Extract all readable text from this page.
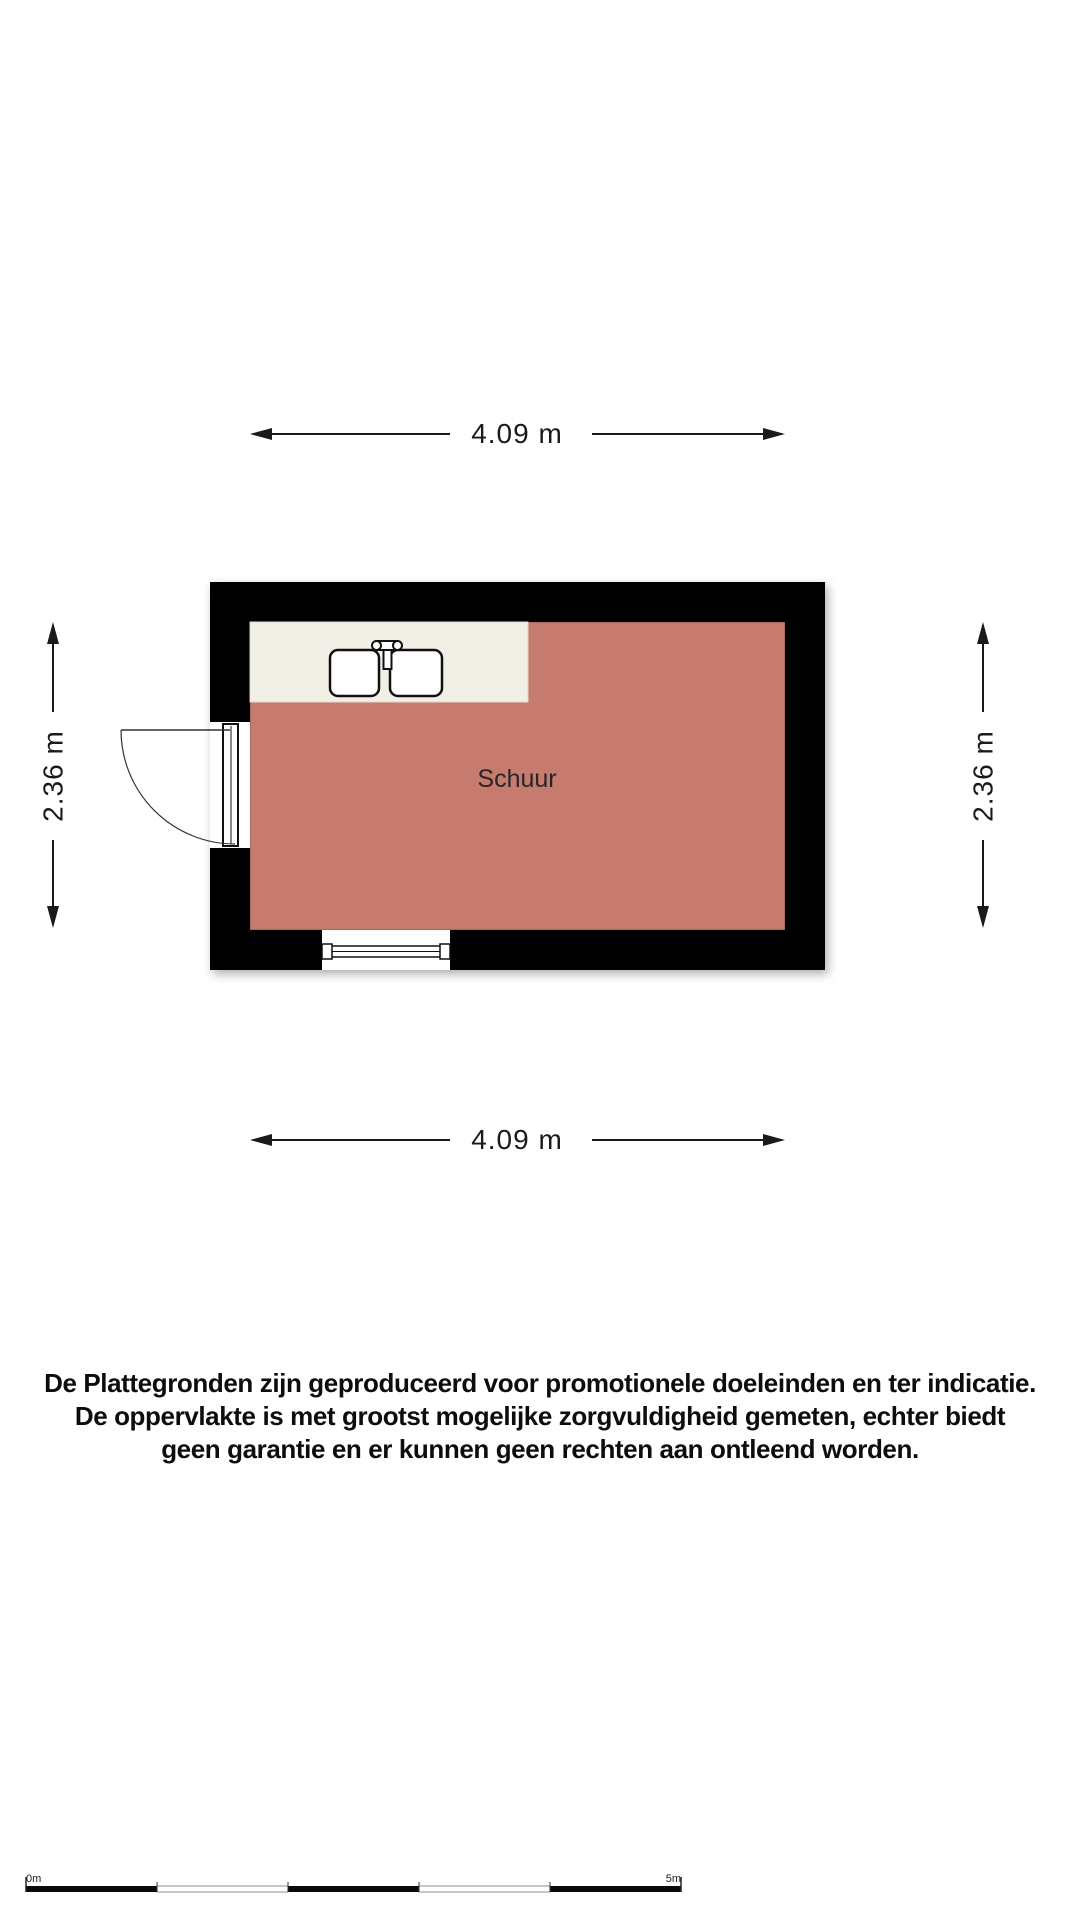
4.09 m
Schuur
4.09 m
2.36 m	2.36 m
0m	5m
De Plattegronden zijn geproduceerd voor promotionele doeleinden en ter indicatie.
De oppervlakte is met grootst mogelijke zorgvuldigheid gemeten, echter biedt
geen garantie en er kunnen geen rechten aan ontleend worden.
